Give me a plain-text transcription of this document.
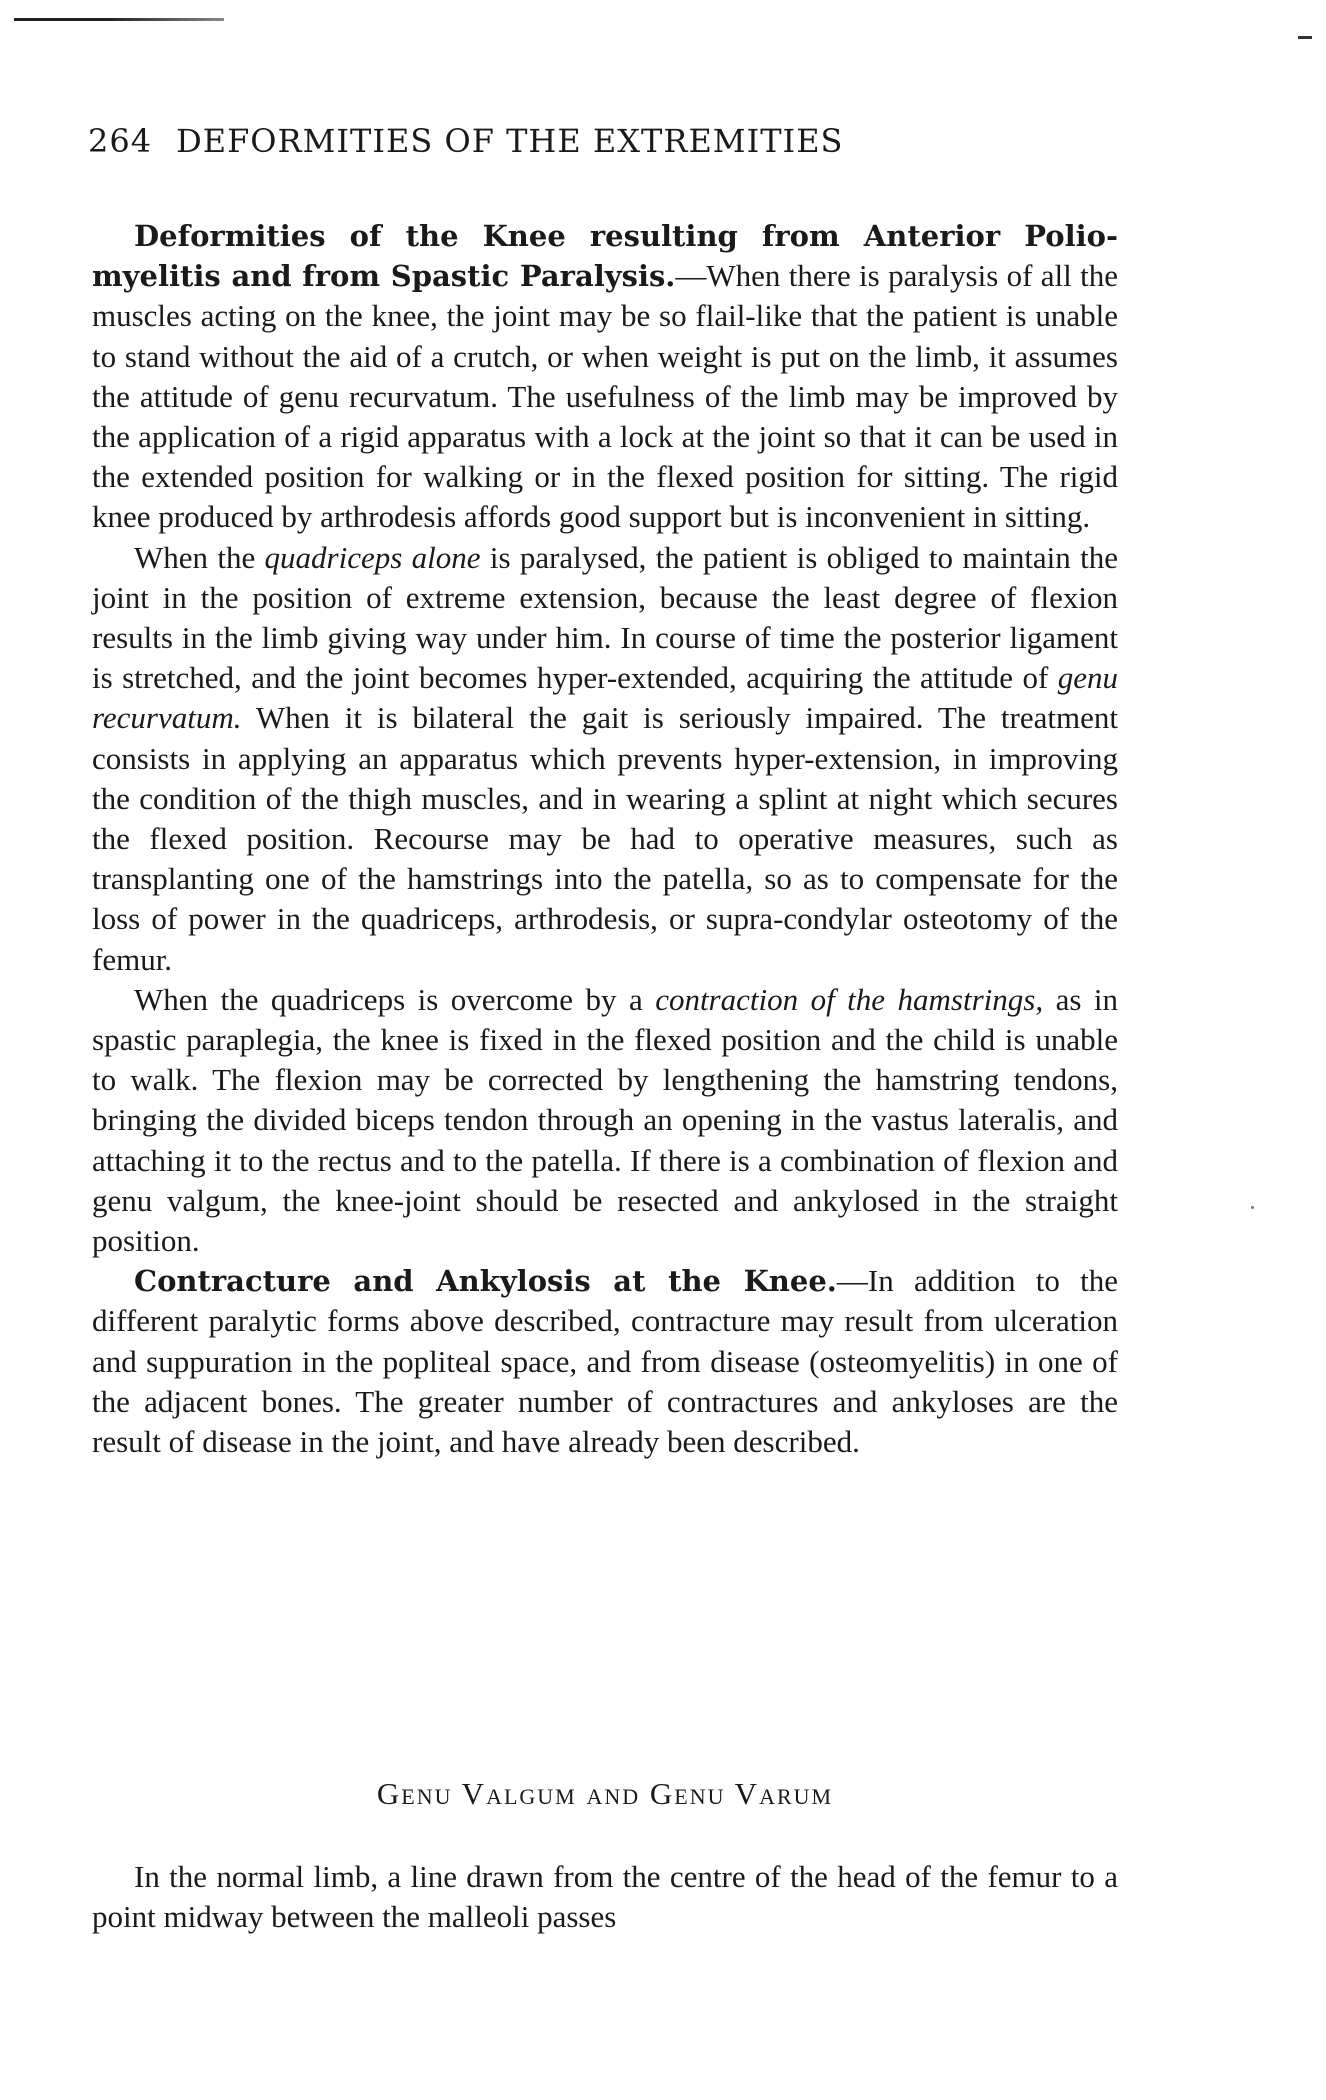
264 DEFORMITIES OF THE EXTREMITIES

Deformities of the Knee resulting from Anterior Polio-myelitis and from Spastic Paralysis.—When there is paralysis of all the muscles acting on the knee, the joint may be so flail-like that the patient is unable to stand without the aid of a crutch, or when weight is put on the limb, it assumes the attitude of genu recurvatum. The usefulness of the limb may be improved by the application of a rigid apparatus with a lock at the joint so that it can be used in the extended position for walking or in the flexed position for sitting. The rigid knee produced by arthrodesis affords good support but is inconvenient in sitting.

When the quadriceps alone is paralysed, the patient is obliged to maintain the joint in the position of extreme extension, because the least degree of flexion results in the limb giving way under him. In course of time the posterior ligament is stretched, and the joint becomes hyper-extended, acquiring the attitude of genu recurvatum. When it is bilateral the gait is seriously impaired. The treatment consists in applying an apparatus which prevents hyper-extension, in improving the condition of the thigh muscles, and in wearing a splint at night which secures the flexed position. Recourse may be had to operative measures, such as transplanting one of the hamstrings into the patella, so as to compensate for the loss of power in the quadriceps, arthrodesis, or supra-condylar osteotomy of the femur.

When the quadriceps is overcome by a contraction of the hamstrings, as in spastic paraplegia, the knee is fixed in the flexed position and the child is unable to walk. The flexion may be corrected by lengthening the hamstring tendons, bringing the divided biceps tendon through an opening in the vastus lateralis, and attaching it to the rectus and to the patella. If there is a combination of flexion and genu valgum, the knee-joint should be resected and ankylosed in the straight position.

Contracture and Ankylosis at the Knee.—In addition to the different paralytic forms above described, contracture may result from ulceration and suppuration in the popliteal space, and from disease (osteomyelitis) in one of the adjacent bones. The greater number of contractures and ankyloses are the result of disease in the joint, and have already been described.

Genu Valgum and Genu Varum

In the normal limb, a line drawn from the centre of the head of the femur to a point midway between the malleoli passes
